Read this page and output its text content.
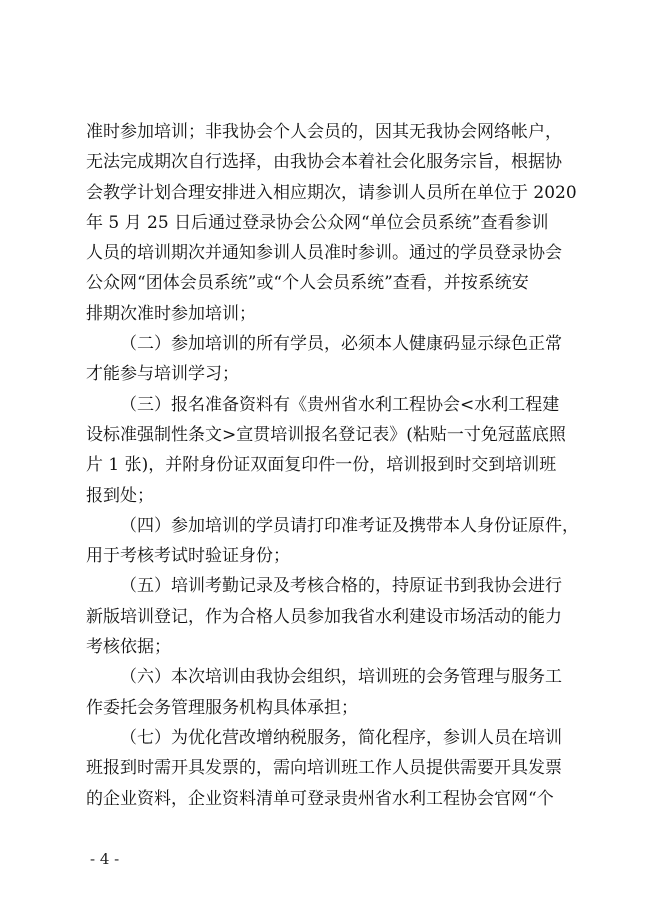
准时参加培训；非我协会个人会员的，因其无我协会网络帐户，
无法完成期次自行选择，由我协会本着社会化服务宗旨，根据协
会教学计划合理安排进入相应期次，请参训人员所在单位于 2020
年 5 月 25 日后通过登录协会公众网“单位会员系统”查看参训
人员的培训期次并通知参训人员准时参训。通过的学员登录协会
公众网“团体会员系统”或“个人会员系统”查看，并按系统安
排期次准时参加培训；
（二）参加培训的所有学员，必须本人健康码显示绿色正常
才能参与培训学习；
（三）报名准备资料有《贵州省水利工程协会<水利工程建
设标准强制性条文>宣贯培训报名登记表》(粘贴一寸免冠蓝底照
片 1 张)，并附身份证双面复印件一份，培训报到时交到培训班
报到处；
（四）参加培训的学员请打印准考证及携带本人身份证原件，
用于考核考试时验证身份；
（五）培训考勤记录及考核合格的，持原证书到我协会进行
新版培训登记，作为合格人员参加我省水利建设市场活动的能力
考核依据；
（六）本次培训由我协会组织，培训班的会务管理与服务工
作委托会务管理服务机构具体承担；
（七）为优化营改增纳税服务，简化程序，参训人员在培训
班报到时需开具发票的，需向培训班工作人员提供需要开具发票
的企业资料，企业资料清单可登录贵州省水利工程协会官网“个
- 4 -
